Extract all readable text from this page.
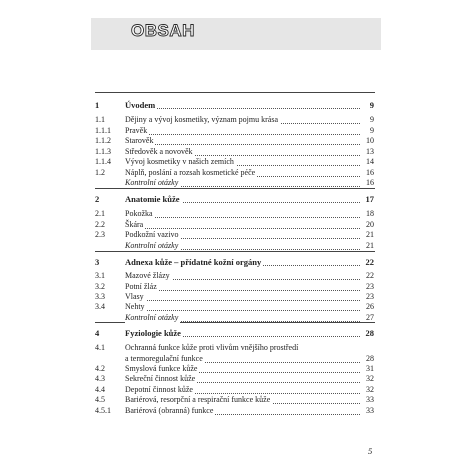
OBSAH
1	Úvodem	9
1.1	Dějiny a vývoj kosmetiky, význam pojmu krása	9
1.1.1 Pravěk	9
1.1.2 Starověk	10
1.1.3 Středověk a novověk	13
1.1.4 Vývoj kosmetiky v našich zemích	14
1.2	Náplň, poslání a rozsah kosmetické péče	16
Kontrolní otázky	16
2	Anatomie kůže	17
2.1	Pokožka	18
2.2	Škára	20
2.3	Podkožní vazivo	21
Kontrolní otázky	21
3	Adnexa kůže – přídatné kožní orgány	22
3.1	Mazové žlázy	22
3.2	Potní žláz	23
3.3	Vlasy	23
3.4	Nehty	26
Kontrolní otázky	27
4	Fyziologie kůže	28
4.1	Ochranná funkce kůže proti vlivům vnějšího prostředí
a termoregulační funkce	28
4.2	Smyslová funkce kůže	31
4.3	Sekreční činnost kůže	32
4.4	Depotní činnost kůže	32
4.5	Bariérová, resorpční a respirační funkce kůže	33
4.5.1 Bariérová (obranná) funkce	33
5
